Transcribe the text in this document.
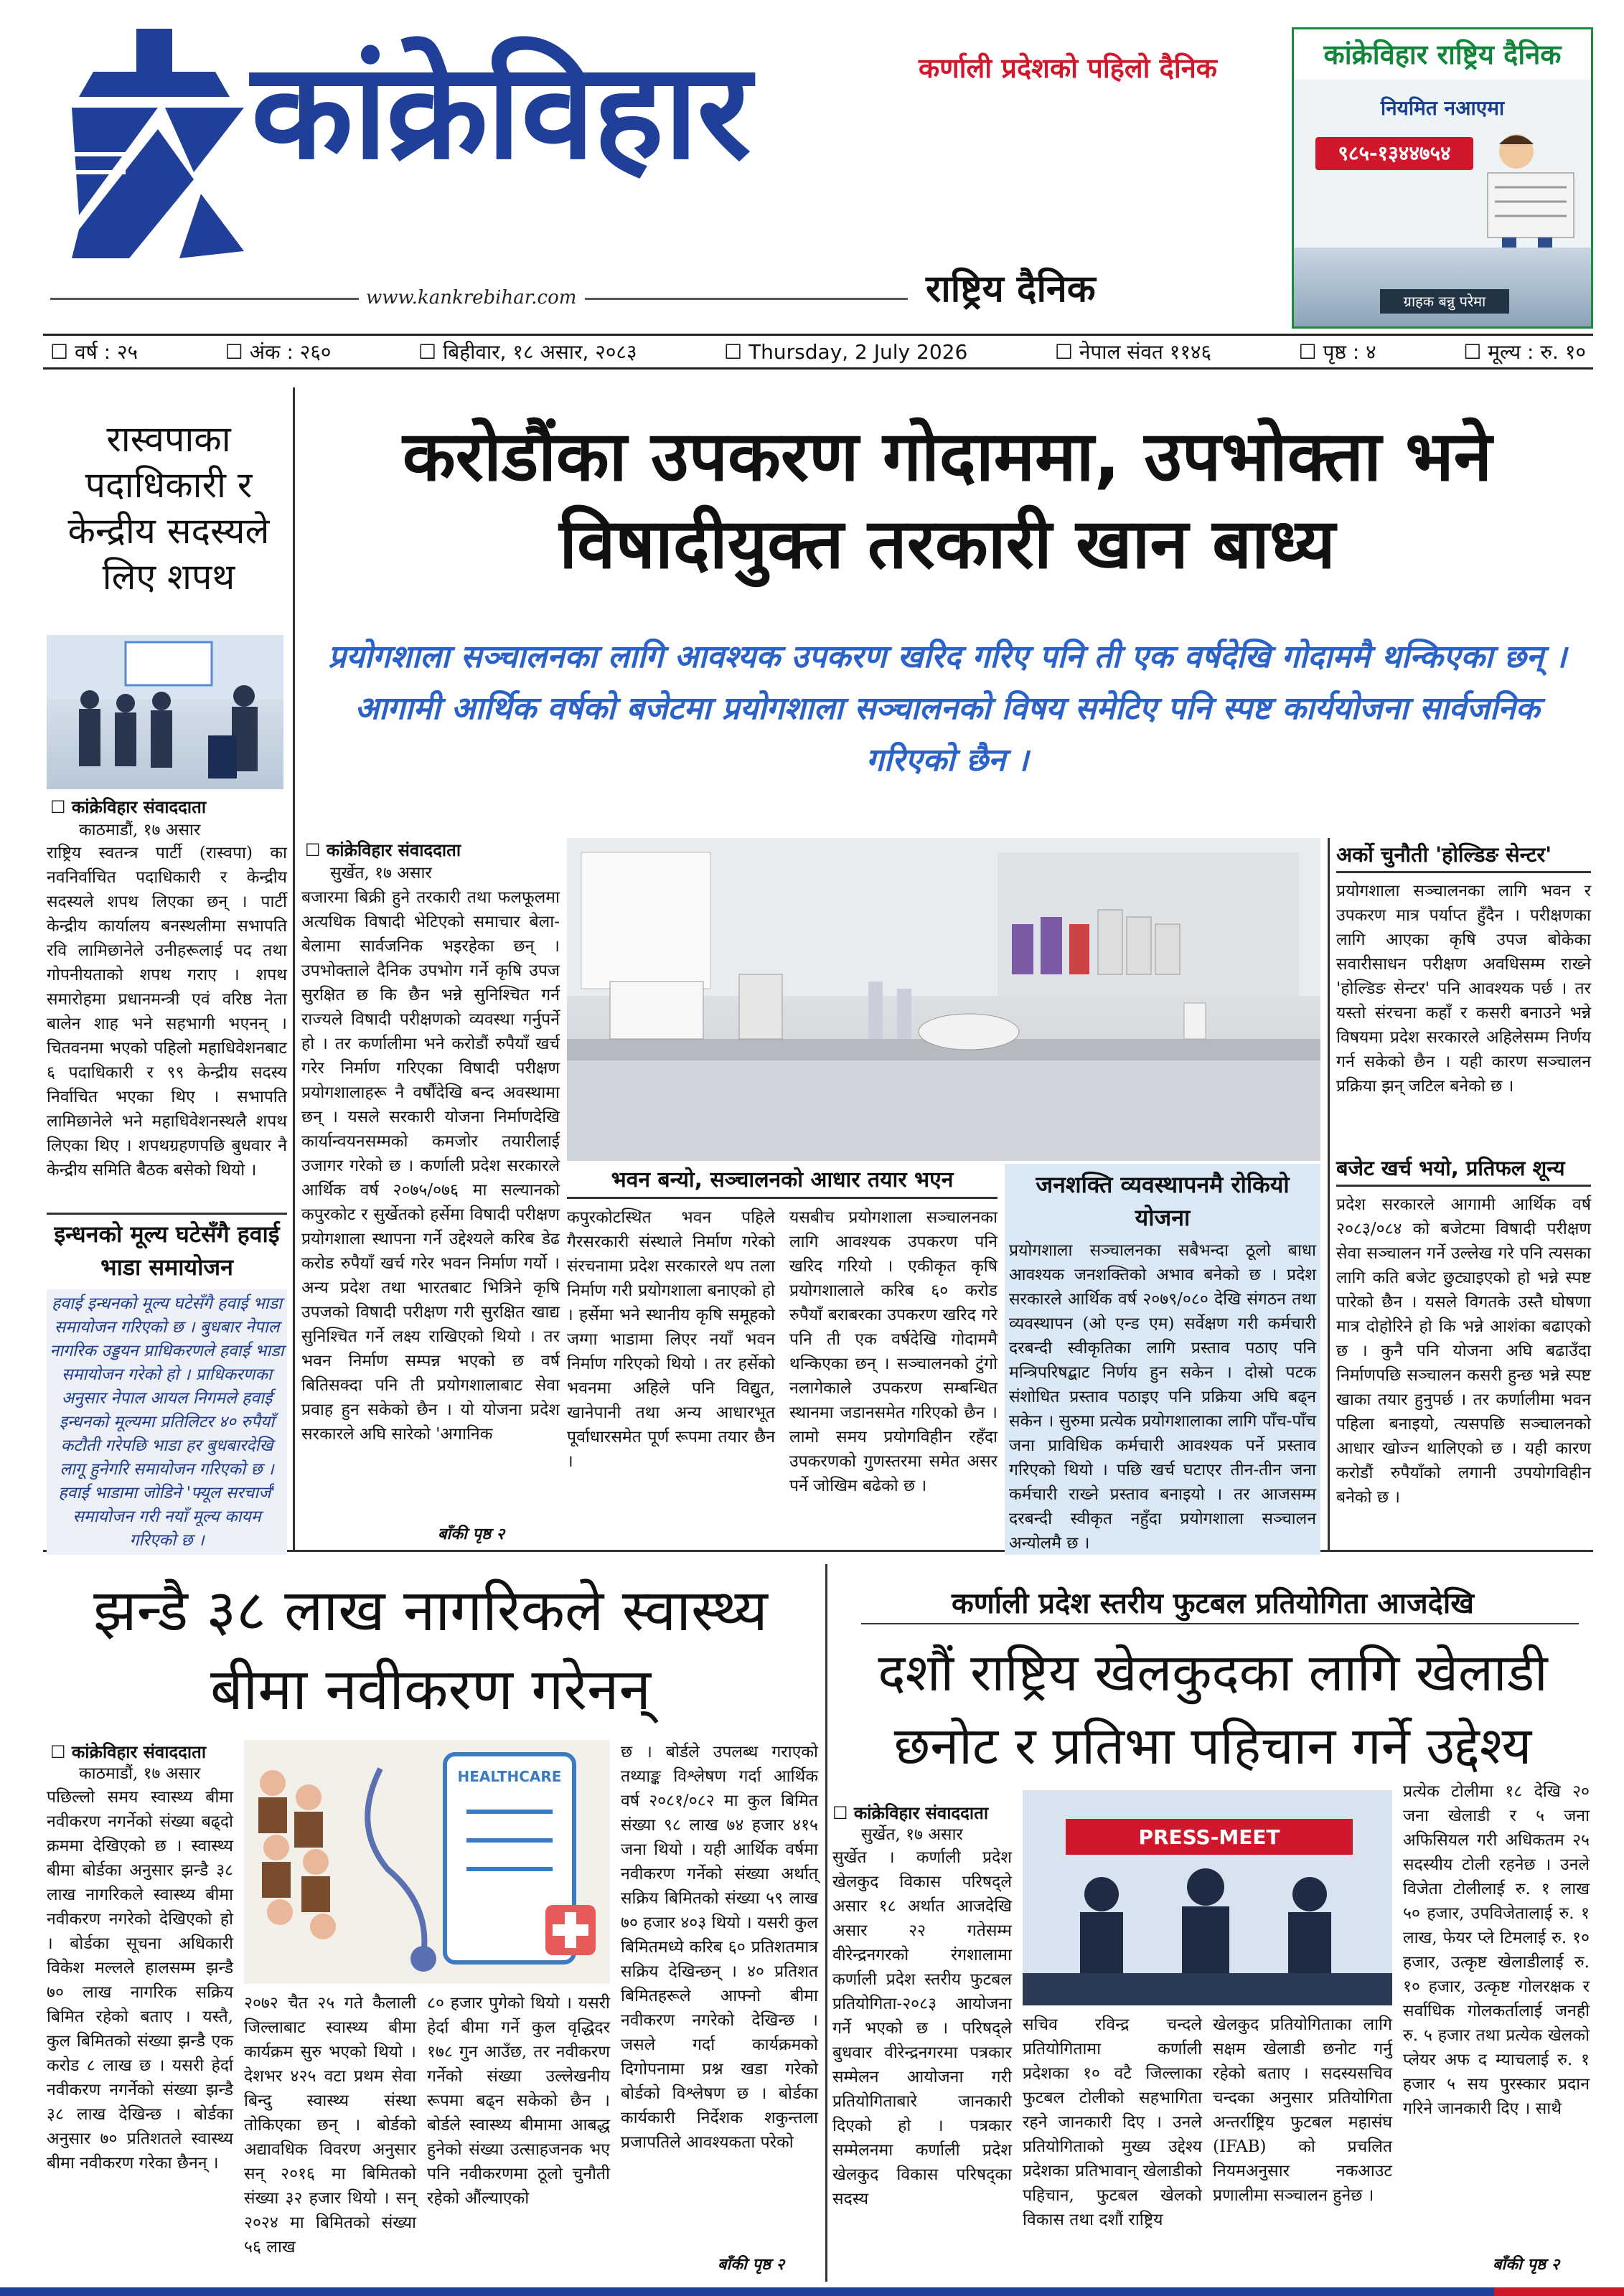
कांक्रेविहार	कर्णाली प्रदेशको पहिलो दैनिक
राष्ट्रिय दैनिक
www.kankrebihar.com
कांक्रेविहार राष्ट्रिय दैनिक
नियमित नआएमा
९८५-१३४४७५४
ग्राहक बन्नु परेमा
☐ वर्ष : २५	☐ अंक : २६०	☐ बिहीवार, १८ असार, २०८३	☐ Thursday, 2 July 2026	☐ नेपाल संवत ११४६	☐ पृष्ठ : ४	☐ मूल्य : रु. १०
रास्वपाका पदाधिकारी र केन्द्रीय सदस्यले लिए शपथ
☐ कांक्रेविहार संवाददाता
काठमाडौं, १७ असार
राष्ट्रिय स्वतन्त्र पार्टी (रास्वपा) का नवनिर्वाचित पदाधिकारी र केन्द्रीय सदस्यले शपथ लिएका छन् । पार्टी केन्द्रीय कार्यालय बनस्थलीमा सभापति रवि लामिछानेले उनीहरूलाई पद तथा गोपनीयताको शपथ गराए । शपथ समारोहमा प्रधानमन्त्री एवं वरिष्ठ नेता बालेन शाह भने सहभागी भएनन् । चितवनमा भएको पहिलो महाधिवेशनबाट ६ पदाधिकारी र ९९ केन्द्रीय सदस्य निर्वाचित भएका थिए । सभापति लामिछानेले भने महाधिवेशनस्थलै शपथ लिएका थिए । शपथग्रहणपछि बुधवार नै केन्द्रीय समिति बैठक बसेको थियो ।
इन्धनको मूल्य घटेसँगै हवाई भाडा समायोजन
हवाई इन्धनको मूल्य घटेसँगै हवाई भाडा समायोजन गरिएको छ । बुधबार नेपाल नागरिक उड्डयन प्राधिकरणले हवाई भाडा समायोजन गरेको हो । प्राधिकरणका अनुसार नेपाल आयल निगमले हवाई इन्धनको मूल्यमा प्रतिलिटर ४० रुपैयाँ कटौती गरेपछि भाडा हर बुधबारदेखि लागू हुनेगरि समायोजन गरिएको छ । हवाई भाडामा जोडिने 'फ्यूल सरचार्ज' समायोजन गरी नयाँ मूल्य कायम गरिएको छ ।
करोडौंका उपकरण गोदाममा, उपभोक्ता भने विषादीयुक्त तरकारी खान बाध्य
प्रयोगशाला सञ्चालनका लागि आवश्यक उपकरण खरिद गरिए पनि ती एक वर्षदेखि गोदाममै थन्किएका छन् । आगामी आर्थिक वर्षको बजेटमा प्रयोगशाला सञ्चालनको विषय समेटिए पनि स्पष्ट कार्ययोजना सार्वजनिक गरिएको छैन ।
☐ कांक्रेविहार संवाददाता
सुर्खेत, १७ असार
बजारमा बिक्री हुने तरकारी तथा फलफूलमा अत्यधिक विषादी भेटिएको समाचार बेला-बेलामा सार्वजनिक भइरहेका छन् । उपभोक्ताले दैनिक उपभोग गर्ने कृषि उपज सुरक्षित छ कि छैन भन्ने सुनिश्चित गर्न राज्यले विषादी परीक्षणको व्यवस्था गर्नुपर्ने हो । तर कर्णालीमा भने करोडौं रुपैयाँ खर्च गरेर निर्माण गरिएका विषादी परीक्षण प्रयोगशालाहरू नै वर्षौंदेखि बन्द अवस्थामा छन् । यसले सरकारी योजना निर्माणदेखि कार्यान्वयनसम्मको कमजोर तयारीलाई उजागर गरेको छ । कर्णाली प्रदेश सरकारले आर्थिक वर्ष २०७५/०७६ मा सल्यानको कपुरकोट र सुर्खेतको हर्सेमा विषादी परीक्षण प्रयोगशाला स्थापना गर्ने उद्देश्यले करिब डेढ करोड रुपैयाँ खर्च गरेर भवन निर्माण गर्यो । अन्य प्रदेश तथा भारतबाट भित्रिने कृषि उपजको विषादी परीक्षण गरी सुरक्षित खाद्य सुनिश्चित गर्ने लक्ष्य राखिएको थियो । तर भवन निर्माण सम्पन्न भएको छ वर्ष बितिसक्दा पनि ती प्रयोगशालाबाट सेवा प्रवाह हुन सकेको छैन । यो योजना प्रदेश सरकारले अघि सारेको 'अगानिक
बाँकी पृष्ठ २
भवन बन्यो, सञ्चालनको आधार तयार भएन
कपुरकोटस्थित भवन पहिले गैरसरकारी संस्थाले निर्माण गरेको संरचनामा प्रदेश सरकारले थप तला निर्माण गरी प्रयोगशाला बनाएको हो । हर्सेमा भने स्थानीय कृषि समूहको जग्गा भाडामा लिएर नयाँ भवन निर्माण गरिएको थियो । तर हर्सेको भवनमा अहिले पनि विद्युत, खानेपानी तथा अन्य आधारभूत पूर्वाधारसमेत पूर्ण रूपमा तयार छैन ।
यसबीच प्रयोगशाला सञ्चालनका लागि आवश्यक उपकरण पनि खरिद गरियो । एकीकृत कृषि प्रयोगशालाले करिब ६० करोड रुपैयाँ बराबरका उपकरण खरिद गरे पनि ती एक वर्षदेखि गोदाममै थन्किएका छन् । सञ्चालनको टुंगो नलागेकाले उपकरण सम्बन्धित स्थानमा जडानसमेत गरिएको छैन । लामो समय प्रयोगविहीन रहँदा उपकरणको गुणस्तरमा समेत असर पर्ने जोखिम बढेको छ ।
जनशक्ति व्यवस्थापनमै रोकियो योजना
प्रयोगशाला सञ्चालनका सबैभन्दा ठूलो बाधा आवश्यक जनशक्तिको अभाव बनेको छ । प्रदेश सरकारले आर्थिक वर्ष २०७९/०८० देखि संगठन तथा व्यवस्थापन (ओ एन्ड एम) सर्वेक्षण गरी कर्मचारी दरबन्दी स्वीकृतिका लागि प्रस्ताव पठाए पनि मन्त्रिपरिषद्बाट निर्णय हुन सकेन । दोस्रो पटक संशोधित प्रस्ताव पठाइए पनि प्रक्रिया अघि बढ्न सकेन । सुरुमा प्रत्येक प्रयोगशालाका लागि पाँच-पाँच जना प्राविधिक कर्मचारी आवश्यक पर्ने प्रस्ताव गरिएको थियो । पछि खर्च घटाएर तीन-तीन जना कर्मचारी राख्ने प्रस्ताव बनाइयो । तर आजसम्म दरबन्दी स्वीकृत नहुँदा प्रयोगशाला सञ्चालन अन्योलमै छ ।
अर्को चुनौती 'होल्डिङ सेन्टर'
प्रयोगशाला सञ्चालनका लागि भवन र उपकरण मात्र पर्याप्त हुँदैन । परीक्षणका लागि आएका कृषि उपज बोकेका सवारीसाधन परीक्षण अवधिसम्म राख्ने 'होल्डिङ सेन्टर' पनि आवश्यक पर्छ । तर यस्तो संरचना कहाँ र कसरी बनाउने भन्ने विषयमा प्रदेश सरकारले अहिलेसम्म निर्णय गर्न सकेको छैन । यही कारण सञ्चालन प्रक्रिया झन् जटिल बनेको छ ।
बजेट खर्च भयो, प्रतिफल शून्य
प्रदेश सरकारले आगामी आर्थिक वर्ष २०८३/०८४ को बजेटमा विषादी परीक्षण सेवा सञ्चालन गर्ने उल्लेख गरे पनि त्यसका लागि कति बजेट छुट्याइएको हो भन्ने स्पष्ट पारेको छैन । यसले विगतके उस्तै घोषणा मात्र दोहोरिने हो कि भन्ने आशंका बढाएको छ । कुनै पनि योजना अघि बढाउँदा निर्माणपछि सञ्चालन कसरी हुन्छ भन्ने स्पष्ट खाका तयार हुनुपर्छ । तर कर्णालीमा भवन पहिला बनाइयो, त्यसपछि सञ्चालनको आधार खोज्न थालिएको छ । यही कारण करोडौं रुपैयाँको लगानी उपयोगविहीन बनेको छ ।
झन्डै ३८ लाख नागरिकले स्वास्थ्य बीमा नवीकरण गरेनन्
☐ कांक्रेविहार संवाददाता
काठमाडौं, १७ असार
पछिल्लो समय स्वास्थ्य बीमा नवीकरण नगर्नेको संख्या बढ्दो क्रममा देखिएको छ । स्वास्थ्य बीमा बोर्डका अनुसार झन्डै ३८ लाख नागरिकले स्वास्थ्य बीमा नवीकरण नगरेको देखिएको हो । बोर्डका सूचना अधिकारी विकेश मल्लले हालसम्म झन्डै ७० लाख नागरिक सक्रिय बिमित रहेको बताए । यस्तै, कुल बिमितको संख्या झन्डै एक करोड ८ लाख छ । यसरी हेर्दा नवीकरण नगर्नेको संख्या झन्डै ३८ लाख देखिन्छ । बोर्डका अनुसार ७० प्रतिशतले स्वास्थ्य बीमा नवीकरण गरेका छैनन् ।
HEALTHCARE
२०७२ चैत २५ गते कैलाली जिल्लाबाट स्वास्थ्य बीमा कार्यक्रम सुरु भएको थियो । देशभर ४२५ वटा प्रथम सेवा बिन्दु स्वास्थ्य संस्था तोकिएका छन् । बोर्डको अद्यावधिक विवरण अनुसार सन् २०१६ मा बिमितको संख्या ३२ हजार थियो । सन् २०२४ मा बिमितको संख्या ५६ लाख
८० हजार पुगेको थियो । यसरी हेर्दा बीमा गर्ने कुल वृद्धिदर १७८ गुन आउँछ, तर नवीकरण गर्नेको संख्या उल्लेखनीय रूपमा बढ्न सकेको छैन । बोर्डले स्वास्थ्य बीमामा आबद्ध हुनेको संख्या उत्साहजनक भए पनि नवीकरणमा ठूलो चुनौती रहेको औंल्याएको
छ । बोर्डले उपलब्ध गराएको तथ्याङ्क विश्लेषण गर्दा आर्थिक वर्ष २०८१/०८२ मा कुल बिमित संख्या ९८ लाख ७४ हजार ४१५ जना थियो । यही आर्थिक वर्षमा नवीकरण गर्नेको संख्या अर्थात् सक्रिय बिमितको संख्या ५९ लाख ७० हजार ४०३ थियो । यसरी कुल बिमितमध्ये करिब ६० प्रतिशतमात्र सक्रिय देखिन्छन् । ४० प्रतिशत बिमितहरूले आफ्नो बीमा नवीकरण नगरेको देखिन्छ । जसले गर्दा कार्यक्रमको दिगोपनामा प्रश्न खडा गरेको बोर्डको विश्लेषण छ । बोर्डका कार्यकारी निर्देशक शकुन्तला प्रजापतिले आवश्यकता परेको
बाँकी पृष्ठ २
कर्णाली प्रदेश स्तरीय फुटबल प्रतियोगिता आजदेखि
दशौं राष्ट्रिय खेलकुदका लागि खेलाडी छनोट र प्रतिभा पहिचान गर्ने उद्देश्य
☐ कांक्रेविहार संवाददाता
सुर्खेत, १७ असार
सुर्खेत । कर्णाली प्रदेश खेलकुद विकास परिषद्ले असार १८ अर्थात आजदेखि असार २२ गतेसम्म वीरेन्द्रनगरको रंगशालामा कर्णाली प्रदेश स्तरीय फुटबल प्रतियोगिता-२०८३ आयोजना गर्ने भएको छ । परिषद्ले बुधवार वीरेन्द्रनगरमा पत्रकार सम्मेलन आयोजना गरी प्रतियोगिताबारे जानकारी दिएको हो । पत्रकार सम्मेलनमा कर्णाली प्रदेश खेलकुद विकास परिषद्का सदस्य
PRESS-MEET
सचिव रविन्द्र चन्दले प्रतियोगितामा कर्णाली प्रदेशका १० वटै जिल्लाका फुटबल टोलीको सहभागिता रहने जानकारी दिए । उनले प्रतियोगिताको मुख्य उद्देश्य प्रदेशका प्रतिभावान् खेलाडीको पहिचान, फुटबल खेलको विकास तथा दशौं राष्ट्रिय
खेलकुद प्रतियोगिताका लागि सक्षम खेलाडी छनोट गर्नु रहेको बताए । सदस्यसचिव चन्दका अनुसार प्रतियोगिता अन्तर्राष्ट्रिय फुटबल महासंघ (IFAB) को प्रचलित नियमअनुसार नकआउट प्रणालीमा सञ्चालन हुनेछ ।
प्रत्येक टोलीमा १८ देखि २० जना खेलाडी र ५ जना अफिसियल गरी अधिकतम २५ सदस्यीय टोली रहनेछ । उनले विजेता टोलीलाई रु. १ लाख ५० हजार, उपविजेतालाई रु. १ लाख, फेयर प्ले टिमलाई रु. १० हजार, उत्कृष्ट खेलाडीलाई रु. १० हजार, उत्कृष्ट गोलरक्षक र सर्वाधिक गोलकर्तालाई जनही रु. ५ हजार तथा प्रत्येक खेलको प्लेयर अफ द म्याचलाई रु. १ हजार ५ सय पुरस्कार प्रदान गरिने जानकारी दिए । साथै
बाँकी पृष्ठ २
